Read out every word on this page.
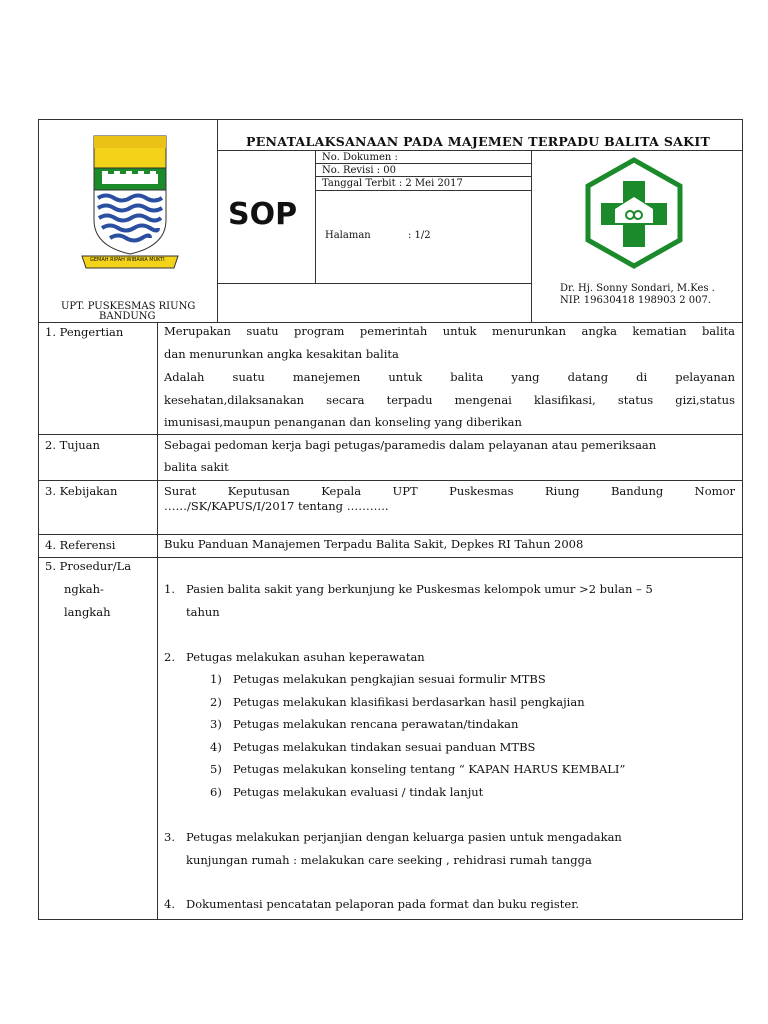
GEMAH RIPAH WIBAWA MUKTI
UPT. PUSKESMAS RIUNG
BANDUNG
PENATALAKSANAAN PADA MAJEMEN TERPADU BALITA SAKIT
SOP
No. Dokumen :
No. Revisi : 00
Tanggal Terbit : 2 Mei 2017
Halaman	: 1/2
Dr. Hj. Sonny Sondari, M.Kes .
NIP. 19630418 198903 2 007.
1. Pengertian	Merupakan suatu program pemerintah untuk menurunkan angka kematian balita
dan menurunkan angka kesakitan balita
Adalah suatu manejemen untuk balita yang datang di pelayanan
kesehatan,dilaksanakan secara terpadu mengenai klasifikasi, status gizi,status
imunisasi,maupun penanganan dan konseling yang diberikan
2. Tujuan	Sebagai pedoman kerja bagi petugas/paramedis dalam pelayanan atau pemeriksaan
balita sakit
3. Kebijakan	Surat Keputusan Kepala UPT Puskesmas Riung Bandung Nomor
……/SK/KAPUS/I/2017 tentang ………..
4. Referensi	Buku Panduan Manajemen Terpadu Balita Sakit, Depkes RI Tahun 2008
5. Prosedur/La
ngkah-
langkah
1. Pasien balita sakit yang berkunjung ke Puskesmas kelompok umur >2 bulan – 5
tahun
2. Petugas melakukan asuhan keperawatan
1) Petugas melakukan pengkajian sesuai formulir MTBS
2) Petugas melakukan klasifikasi berdasarkan hasil pengkajian
3) Petugas melakukan rencana perawatan/tindakan
4) Petugas melakukan tindakan sesuai panduan MTBS
5) Petugas melakukan konseling tentang “ KAPAN HARUS KEMBALI”
6) Petugas melakukan evaluasi / tindak lanjut
3. Petugas melakukan perjanjian dengan keluarga pasien untuk mengadakan
kunjungan rumah : melakukan care seeking , rehidrasi rumah tangga
4. Dokumentasi pencatatan pelaporan pada format dan buku register.
